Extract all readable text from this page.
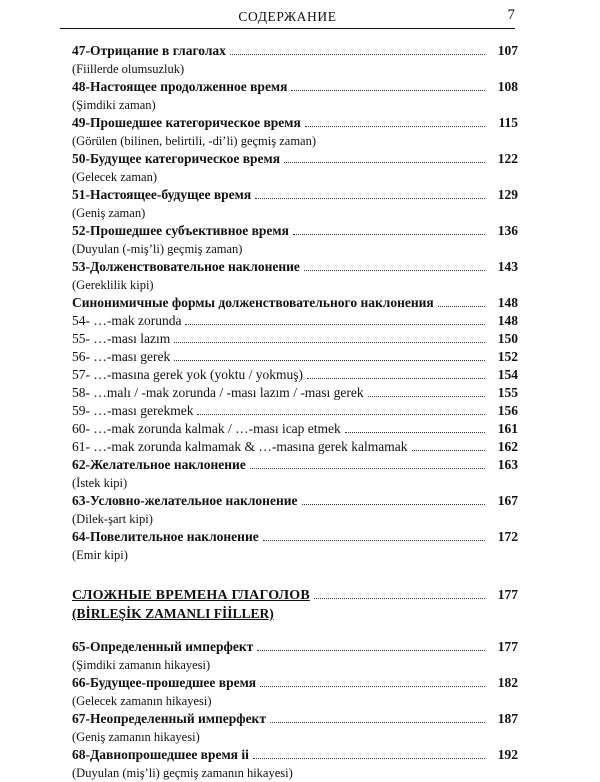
СОДЕРЖАНИЕ	7
47-Отрицание в глаголах	107
(Fiillerde olumsuzluk)
48-Настоящее продолженное время	108
(Şimdiki zaman)
49-Прошедшее категорическое время	115
(Görülen (bilinen, belirtili, -di’li) geçmiş zaman)
50-Будущее категорическое время	122
(Gelecek zaman)
51-Настоящее-будущее время	129
(Geniş zaman)
52-Прошедшее субъективное время	136
(Duyulan (-miş’li) geçmiş zaman)
53-Долженствовательное наклонение	143
(Gereklilik kipi)
Синонимичные формы долженствовательного наклонения	148
54- …-mak zorunda	148
55- …-ması lazım	150
56- …-ması gerek	152
57- …-masına gerek yok (yoktu / yokmuş)	154
58- …malı / -mak zorunda / -ması lazım / -ması gerek	155
59- …-ması gerekmek	156
60- …-mak zorunda kalmak / …-ması icap etmek	161
61- …-mak zorunda kalmamak & …-masına gerek kalmamak	162
62-Желательное наклонение	163
(İstek kipi)
63-Условно-желательное наклонение	167
(Dilek-şart kipi)
64-Повелительное наклонение	172
(Emir kipi)
СЛОЖНЫЕ ВРЕМЕНА ГЛАГОЛОВ	177
(BİRLEŞİK ZAMANLI FİİLLER)
65-Определенный имперфект	177
(Şimdiki zamanın hikayesi)
66-Будущее-прошедшее время	182
(Gelecek zamanın hikayesi)
67-Неопределенный имперфект	187
(Geniş zamanın hikayesi)
68-Давнопрошедшее время іі	192
(Duyulan (miş’li) geçmiş zamanın hikayesi)
